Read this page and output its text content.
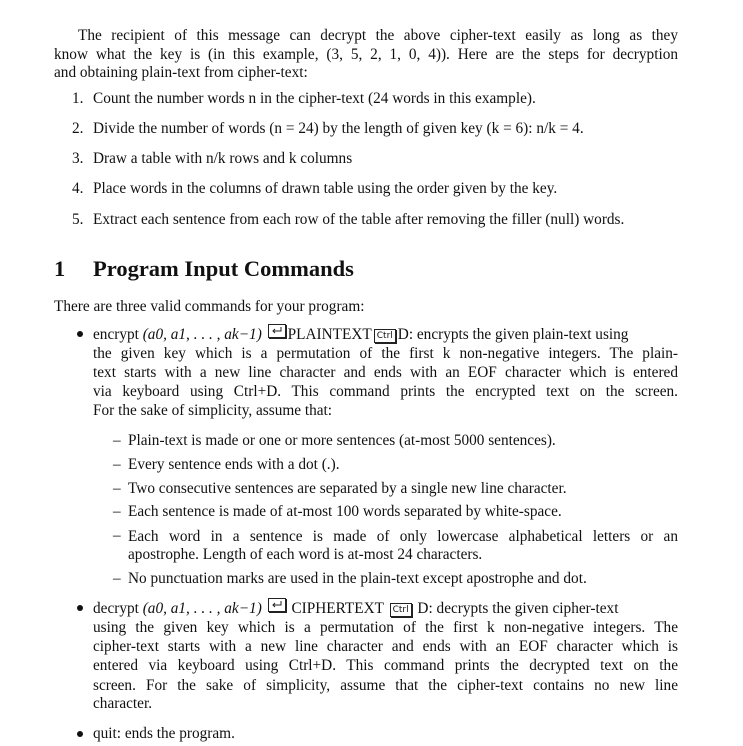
The recipient of this message can decrypt the above cipher-text easily as long as they
know what the key is (in this example, (3, 5, 2, 1, 0, 4)). Here are the steps for decryption
and obtaining plain-text from cipher-text:
1. Count the number words n in the cipher-text (24 words in this example).
2. Divide the number of words (n = 24) by the length of given key (k = 6): n/k = 4.
3. Draw a table with n/k rows and k columns
4. Place words in the columns of drawn table using the order given by the key.
5. Extract each sentence from each row of the table after removing the filler (null) words.
1 Program Input Commands
There are three valid commands for your program:
encrypt (a0, a1, . . . , ak−1) PLAINTEXT Ctrl D: encrypts the given plain-text using
the given key which is a permutation of the first k non-negative integers. The plain-
text starts with a new line character and ends with an EOF character which is entered
via keyboard using Ctrl+D. This command prints the encrypted text on the screen.
For the sake of simplicity, assume that:
– Plain-text is made or one or more sentences (at-most 5000 sentences).
– Every sentence ends with a dot (.).
– Two consecutive sentences are separated by a single new line character.
– Each sentence is made of at-most 100 words separated by white-space.
– Each word in a sentence is made of only lowercase alphabetical letters or an
apostrophe. Length of each word is at-most 24 characters.
– No punctuation marks are used in the plain-text except apostrophe and dot.
decrypt (a0, a1, . . . , ak−1) CIPHERTEXT Ctrl D: decrypts the given cipher-text
using the given key which is a permutation of the first k non-negative integers. The
cipher-text starts with a new line character and ends with an EOF character which is
entered via keyboard using Ctrl+D. This command prints the decrypted text on the
screen. For the sake of simplicity, assume that the cipher-text contains no new line
character.
quit: ends the program.
